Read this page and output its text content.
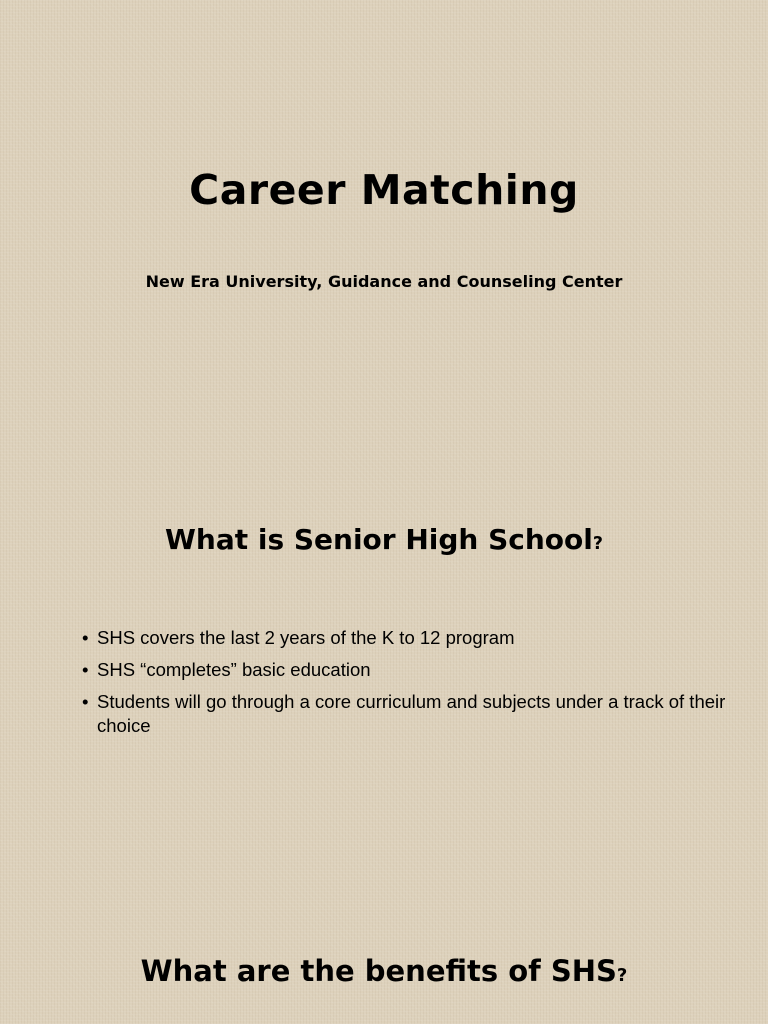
Career Matching

New Era University, Guidance and Counseling Center

What is Senior High School?
• SHS covers the last 2 years of the K to 12 program
• SHS “completes” basic education
• Students will go through a core curriculum and subjects under a track of their choice
What are the benefits of SHS?
